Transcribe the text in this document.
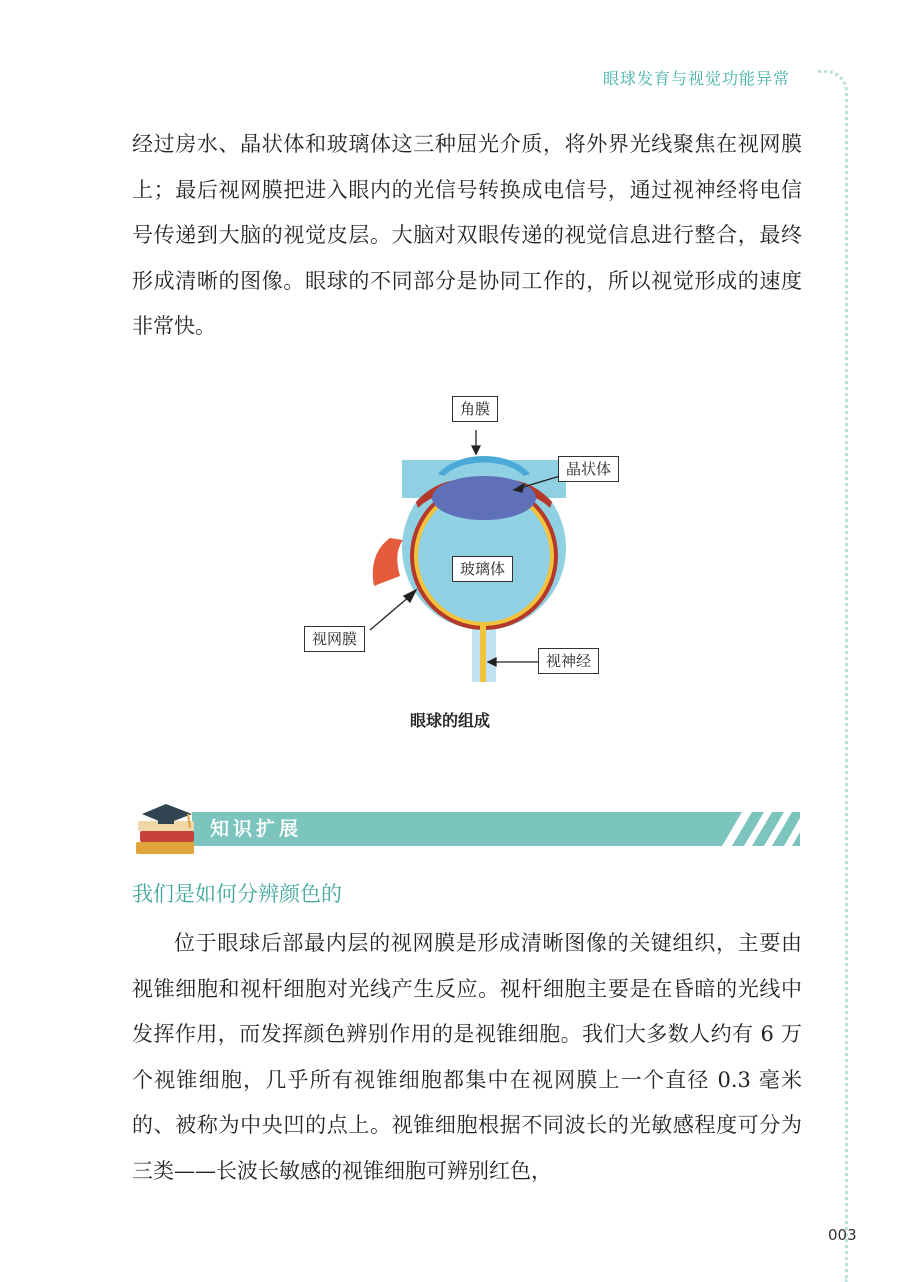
眼球发育与视觉功能异常

经过房水、晶状体和玻璃体这三种屈光介质，将外界光线聚焦在视网膜上；最后视网膜把进入眼内的光信号转换成电信号，通过视神经将电信号传递到大脑的视觉皮层。大脑对双眼传递的视觉信息进行整合，最终形成清晰的图像。眼球的不同部分是协同工作的，所以视觉形成的速度非常快。

角膜
晶状体
玻璃体
视网膜
视神经
眼球的组成
知识扩展
我们是如何分辨颜色的

位于眼球后部最内层的视网膜是形成清晰图像的关键组织，主要由视锥细胞和视杆细胞对光线产生反应。视杆细胞主要是在昏暗的光线中发挥作用，而发挥颜色辨别作用的是视锥细胞。我们大多数人约有 6 万个视锥细胞，几乎所有视锥细胞都集中在视网膜上一个直径 0.3 毫米的、被称为中央凹的点上。视锥细胞根据不同波长的光敏感程度可分为三类——长波长敏感的视锥细胞可辨别红色，

003
